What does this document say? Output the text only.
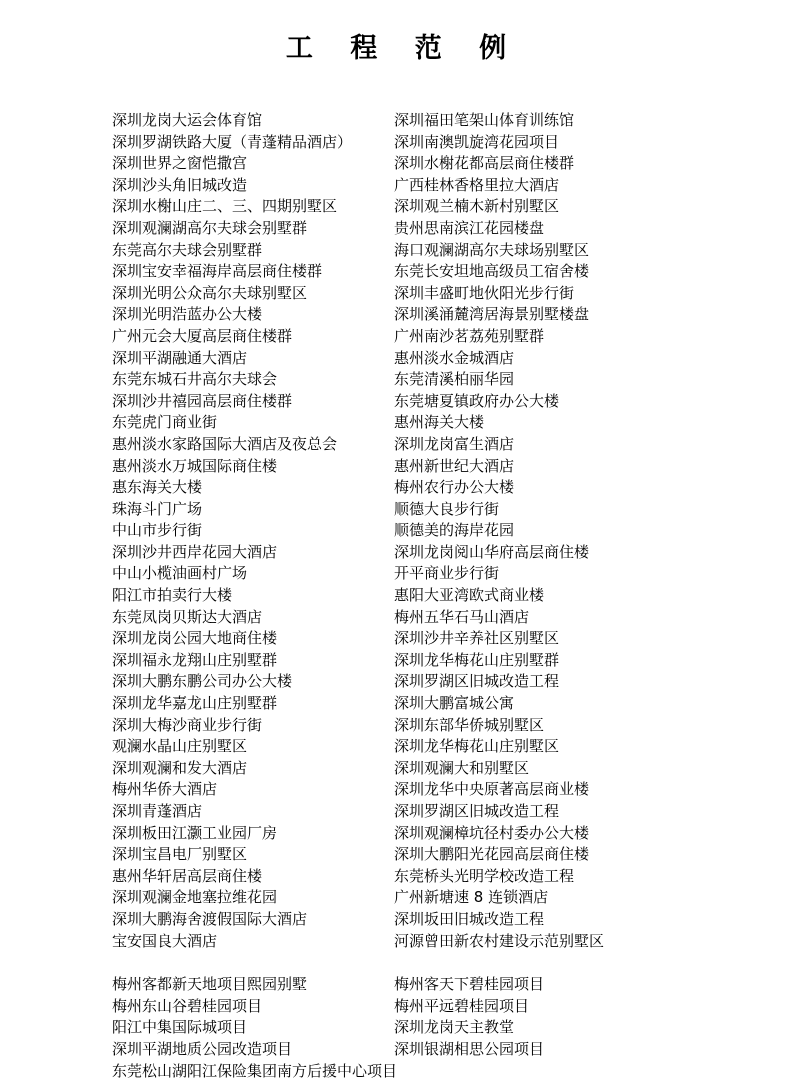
工 程 范 例
深圳龙岗大运会体育馆	深圳福田笔架山体育训练馆
深圳罗湖铁路大厦（青蓬精品酒店）	深圳南澳凯旋湾花园项目
深圳世界之窗恺撒宫	深圳水榭花都高层商住楼群
深圳沙头角旧城改造	广西桂林香格里拉大酒店
深圳水榭山庄二、三、四期别墅区	深圳观兰楠木新村别墅区
深圳观澜湖高尔夫球会别墅群	贵州思南滨江花园楼盘
东莞高尔夫球会别墅群	海口观澜湖高尔夫球场别墅区
深圳宝安幸福海岸高层商住楼群	东莞长安坦地高级员工宿舍楼
深圳光明公众高尔夫球别墅区	深圳丰盛町地伙阳光步行街
深圳光明浩蓝办公大楼	深圳溪涌麓湾居海景别墅楼盘
广州元会大厦高层商住楼群	广州南沙茗荔苑别墅群
深圳平湖融通大酒店	惠州淡水金城酒店
东莞东城石井高尔夫球会	东莞清溪柏丽华园
深圳沙井禧园高层商住楼群	东莞塘夏镇政府办公大楼
东莞虎门商业街	惠州海关大楼
惠州淡水家路国际大酒店及夜总会	深圳龙岗富生酒店
惠州淡水万城国际商住楼	惠州新世纪大酒店
惠东海关大楼	梅州农行办公大楼
珠海斗门广场	顺德大良步行街
中山市步行街	顺德美的海岸花园
深圳沙井西岸花园大酒店	深圳龙岗阅山华府高层商住楼
中山小榄油画村广场	开平商业步行街
阳江市拍卖行大楼	惠阳大亚湾欧式商业楼
东莞凤岗贝斯达大酒店	梅州五华石马山酒店
深圳龙岗公园大地商住楼	深圳沙井辛养社区别墅区
深圳福永龙翔山庄别墅群	深圳龙华梅花山庄别墅群
深圳大鹏东鹏公司办公大楼	深圳罗湖区旧城改造工程
深圳龙华嘉龙山庄别墅群	深圳大鹏富城公寓
深圳大梅沙商业步行街	深圳东部华侨城别墅区
观澜水晶山庄别墅区	深圳龙华梅花山庄别墅区
深圳观澜和发大酒店	深圳观澜大和别墅区
梅州华侨大酒店	深圳龙华中央原著高层商业楼
深圳青蓬酒店	深圳罗湖区旧城改造工程
深圳板田江灏工业园厂房	深圳观澜樟坑径村委办公大楼
深圳宝昌电厂别墅区	深圳大鹏阳光花园高层商住楼
惠州华轩居高层商住楼	东莞桥头光明学校改造工程
深圳观澜金地塞拉维花园	广州新塘速 8 连锁酒店
深圳大鹏海舍渡假国际大酒店	深圳坂田旧城改造工程
宝安国良大酒店	河源曾田新农村建设示范别墅区
梅州客都新天地项目熙园别墅	梅州客天下碧桂园项目
梅州东山谷碧桂园项目	梅州平远碧桂园项目
阳江中集国际城项目	深圳龙岗天主教堂
深圳平湖地质公园改造项目	深圳银湖相思公园项目
东莞松山湖阳江保险集团南方后援中心项目
